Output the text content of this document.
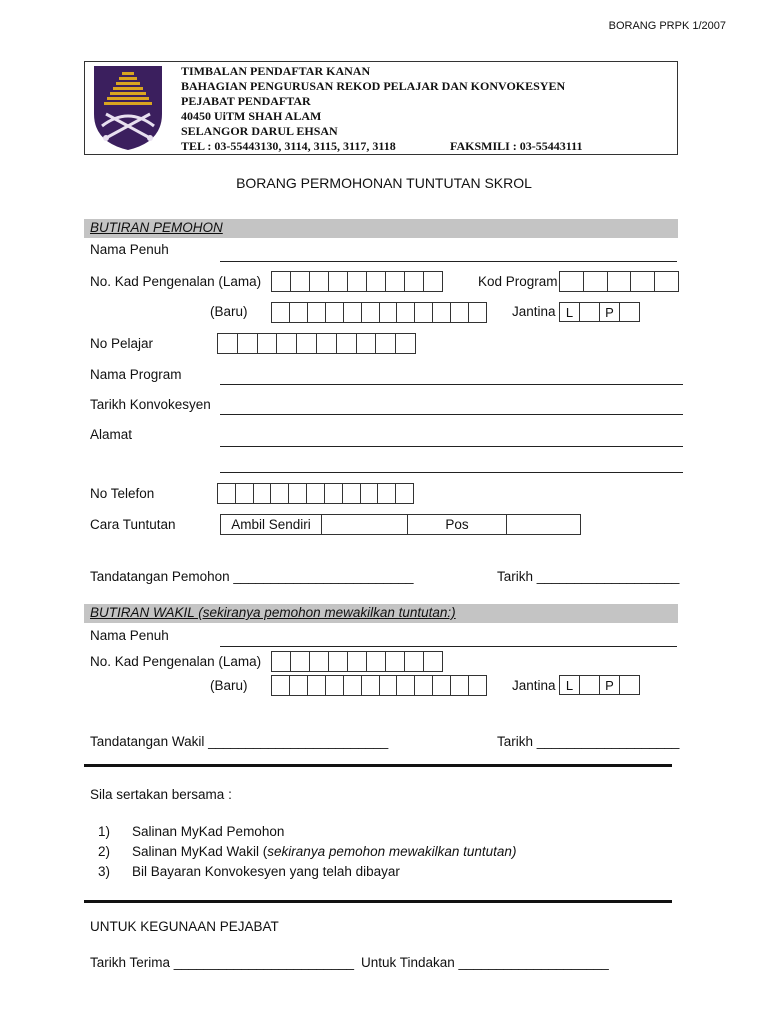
BORANG PRPK 1/2007
TIMBALAN PENDAFTAR KANAN
BAHAGIAN PENGURUSAN REKOD PELAJAR DAN KONVOKESYEN
PEJABAT PENDAFTAR
40450 UiTM SHAH ALAM
SELANGOR DARUL EHSAN
TEL : 03-55443130, 3114, 3115, 3117, 3118	FAKSMILI : 03-55443111
BORANG PERMOHONAN TUNTUTAN SKROL
BUTIRAN PEMOHON
Nama Penuh
No. Kad Pengenalan (Lama)	Kod Program
(Baru)	Jantina L	P
No Pelajar
Nama Program
Tarikh Konvokesyen
Alamat
No Telefon
Cara Tuntutan	Ambil Sendiri	Pos
Tandatangan Pemohon ________________________	Tarikh ___________________
BUTIRAN WAKIL (sekiranya pemohon mewakilkan tuntutan:)
Nama Penuh
No. Kad Pengenalan (Lama)
(Baru)	Jantina L	P
Tandatangan Wakil ________________________	Tarikh ___________________
Sila sertakan bersama :
1) Salinan MyKad Pemohon
2) Salinan MyKad Wakil (sekiranya pemohon mewakilkan tuntutan)
3) Bil Bayaran Konvokesyen yang telah dibayar
UNTUK KEGUNAAN PEJABAT
Tarikh Terima ________________________ Untuk Tindakan ____________________
